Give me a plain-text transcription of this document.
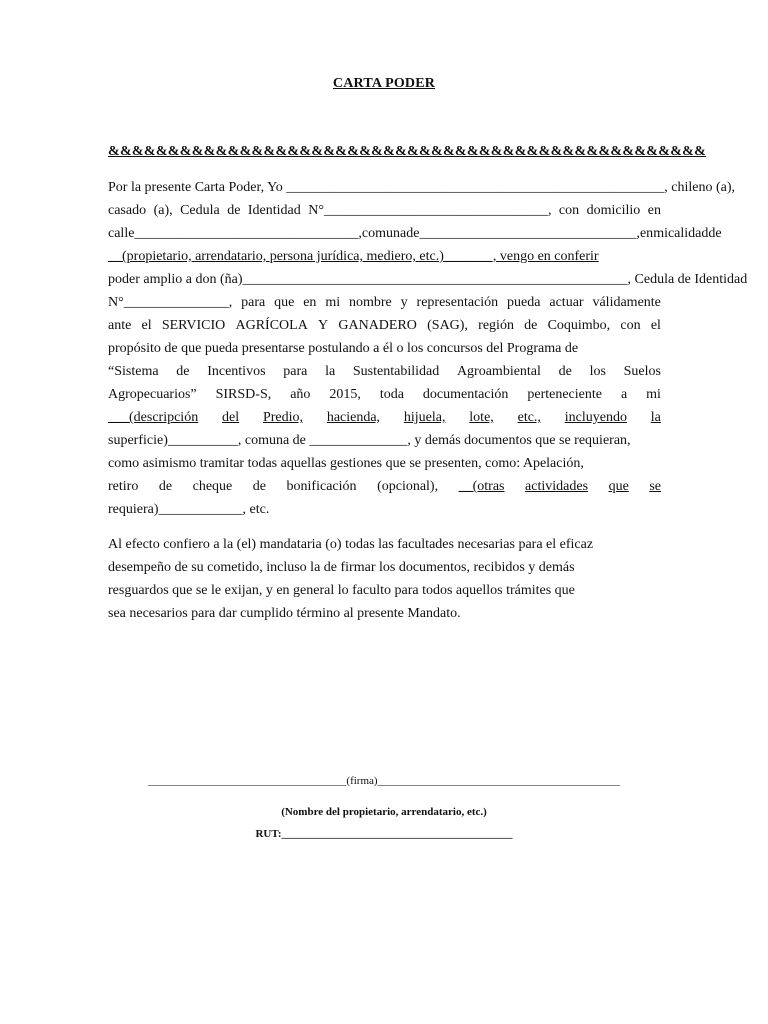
CARTA PODER
&&&&&&&&&&&&&&&&&&&&&&&&&&&&&&&&&&&&&&&&&&&&&&&&&&
Por la presente Carta Poder, Yo ______________________________________________________, chileno (a),
casado (a), Cedula de Identidad N°________________________________, con domicilio en
calle________________________________, comuna de _______________________________, en mi calidad de
__(propietario, arrendatario, persona jurídica, mediero, etc.)_______, vengo en conferir
poder amplio a don (ña)_______________________________________________________, Cedula de Identidad
N°_______________, para que en mi nombre y representación pueda actuar válidamente
ante el SERVICIO AGRÍCOLA Y GANADERO (SAG), región de Coquimbo, con el
propósito de que pueda presentarse postulando a él o los concursos del Programa de
“Sistema de Incentivos para la Sustentabilidad Agroambiental de los Suelos
Agropecuarios” SIRSD-S, año 2015, toda documentación perteneciente a mi
___(descripción del Predio, hacienda, hijuela, lote, etc., incluyendo la
superficie)__________, comuna de ______________, y demás documentos que se requieran,
como asimismo tramitar todas aquellas gestiones que se presenten, como: Apelación,
retiro de cheque de bonificación (opcional), __(otras actividades que se
requiera)____________, etc.
Al efecto confiero a la (el) mandataria (o) todas las facultades necesarias para el eficaz
desempeño de su cometido, incluso la de firmar los documentos, recibidos y demás
resguardos que se le exijan, y en general lo faculto para todos aquellos trámites que
sea necesarios para dar cumplido término al presente Mandato.
____________________________________(firma)____________________________________________
(Nombre del propietario, arrendatario, etc.)
RUT:__________________________________________
